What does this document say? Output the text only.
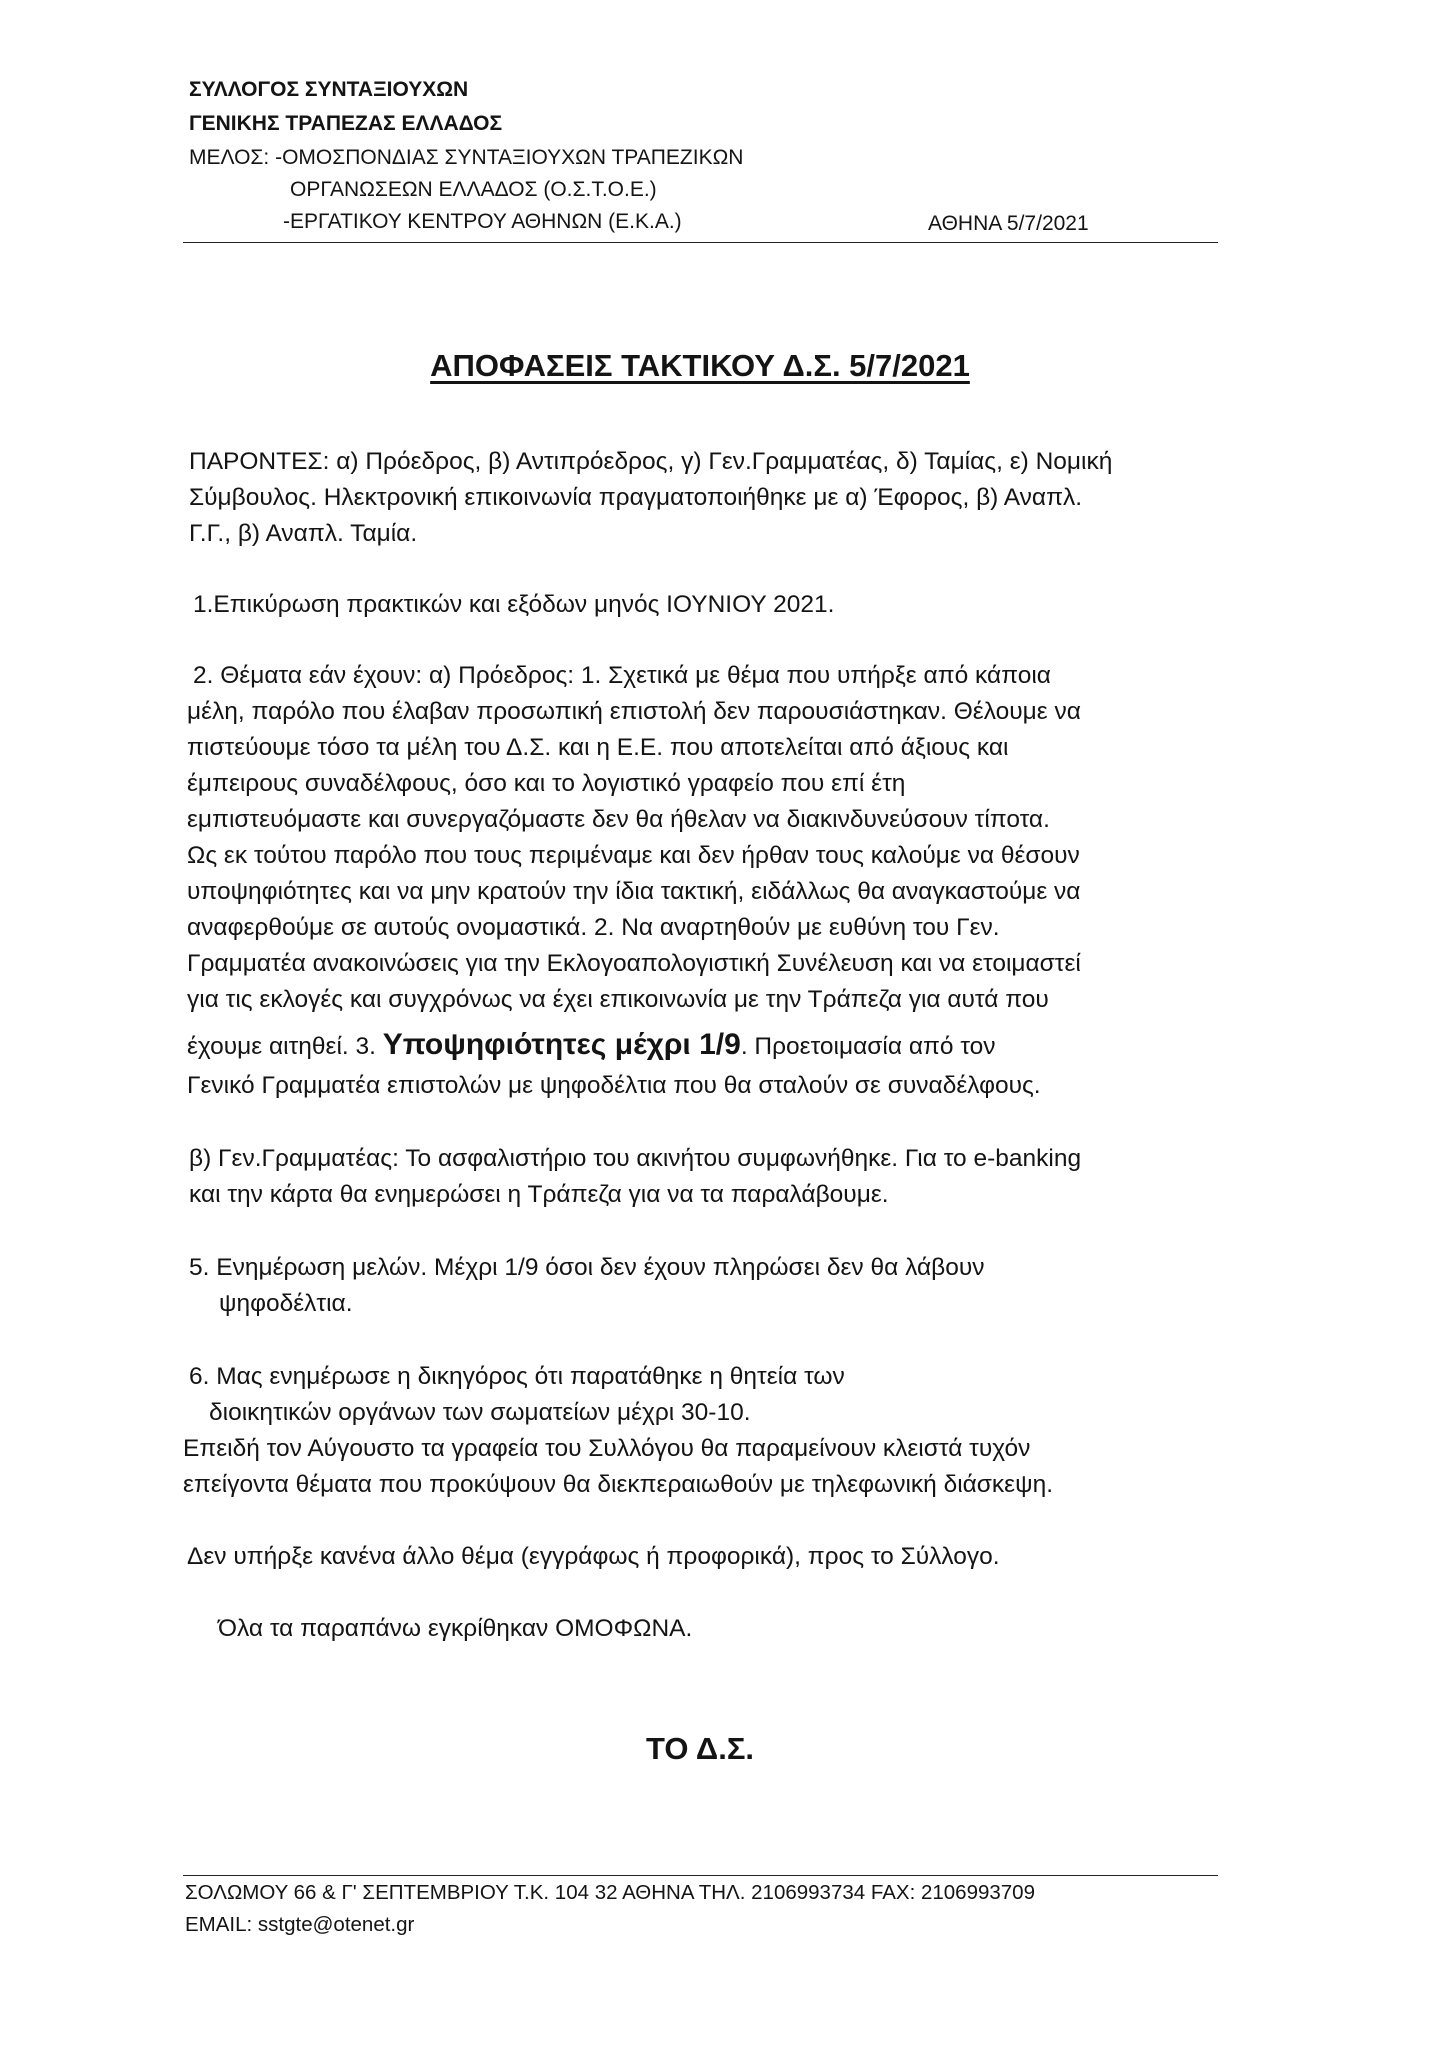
ΣΥΛΛΟΓΟΣ ΣΥΝΤΑΞΙΟΥΧΩΝ
ΓΕΝΙΚΗΣ ΤΡΑΠΕΖΑΣ ΕΛΛΑΔΟΣ
ΜΕΛΟΣ: -ΟΜΟΣΠΟΝΔΙΑΣ ΣΥΝΤΑΞΙΟΥΧΩΝ ΤΡΑΠΕΖΙΚΩΝ
ΟΡΓΑΝΩΣΕΩΝ ΕΛΛΑΔΟΣ (Ο.Σ.Τ.Ο.Ε.)
-ΕΡΓΑΤΙΚΟΥ ΚΕΝΤΡΟΥ ΑΘΗΝΩΝ (Ε.Κ.Α.)	ΑΘΗΝΑ 5/7/2021
ΑΠΟΦΑΣΕΙΣ ΤΑΚΤΙΚΟΥ Δ.Σ. 5/7/2021
ΠΑΡΟΝΤΕΣ: α) Πρόεδρος, β) Αντιπρόεδρος, γ) Γεν.Γραμματέας, δ) Ταμίας, ε) Νομική
Σύμβουλος. Ηλεκτρονική επικοινωνία πραγματοποιήθηκε με α) Έφορος, β) Αναπλ.
Γ.Γ., β) Αναπλ. Ταμία.
1.Επικύρωση πρακτικών και εξόδων μηνός ΙΟΥΝΙΟΥ 2021.
2. Θέματα εάν έχουν: α) Πρόεδρος: 1. Σχετικά με θέμα που υπήρξε από κάποια
μέλη, παρόλο που έλαβαν προσωπική επιστολή δεν παρουσιάστηκαν. Θέλουμε να
πιστεύουμε τόσο τα μέλη του Δ.Σ. και η Ε.Ε. που αποτελείται από άξιους και
έμπειρους συναδέλφους, όσο και το λογιστικό γραφείο που επί έτη
εμπιστευόμαστε και συνεργαζόμαστε δεν θα ήθελαν να διακινδυνεύσουν τίποτα.
Ως εκ τούτου παρόλο που τους περιμέναμε και δεν ήρθαν τους καλούμε να θέσουν
υποψηφιότητες και να μην κρατούν την ίδια τακτική, ειδάλλως θα αναγκαστούμε να
αναφερθούμε σε αυτούς ονομαστικά. 2. Να αναρτηθούν με ευθύνη του Γεν.
Γραμματέα ανακοινώσεις για την Εκλογοαπολογιστική Συνέλευση και να ετοιμαστεί
για τις εκλογές και συγχρόνως να έχει επικοινωνία με την Τράπεζα για αυτά που
έχουμε αιτηθεί. 3. Υποψηφιότητες μέχρι 1/9. Προετοιμασία από τον
Γενικό Γραμματέα επιστολών με ψηφοδέλτια που θα σταλούν σε συναδέλφους.
β) Γεν.Γραμματέας: Το ασφαλιστήριο του ακινήτου συμφωνήθηκε. Για το e-banking
και την κάρτα θα ενημερώσει η Τράπεζα για να τα παραλάβουμε.
5. Ενημέρωση μελών. Μέχρι 1/9 όσοι δεν έχουν πληρώσει δεν θα λάβουν
ψηφοδέλτια.
6. Μας ενημέρωσε η δικηγόρος ότι παρατάθηκε η θητεία των
διοικητικών οργάνων των σωματείων μέχρι 30-10.
Επειδή τον Αύγουστο τα γραφεία του Συλλόγου θα παραμείνουν κλειστά τυχόν
επείγοντα θέματα που προκύψουν θα διεκπεραιωθούν με τηλεφωνική διάσκεψη.
Δεν υπήρξε κανένα άλλο θέμα (εγγράφως ή προφορικά), προς το Σύλλογο.
Όλα τα παραπάνω εγκρίθηκαν ΟΜΟΦΩΝΑ.
ΤΟ Δ.Σ.
ΣΟΛΩΜΟΥ 66 & Γ' ΣΕΠΤΕΜΒΡΙΟΥ Τ.Κ. 104 32 ΑΘΗΝΑ ΤΗΛ. 2106993734 FAX: 2106993709
EMAIL: sstgte@otenet.gr
